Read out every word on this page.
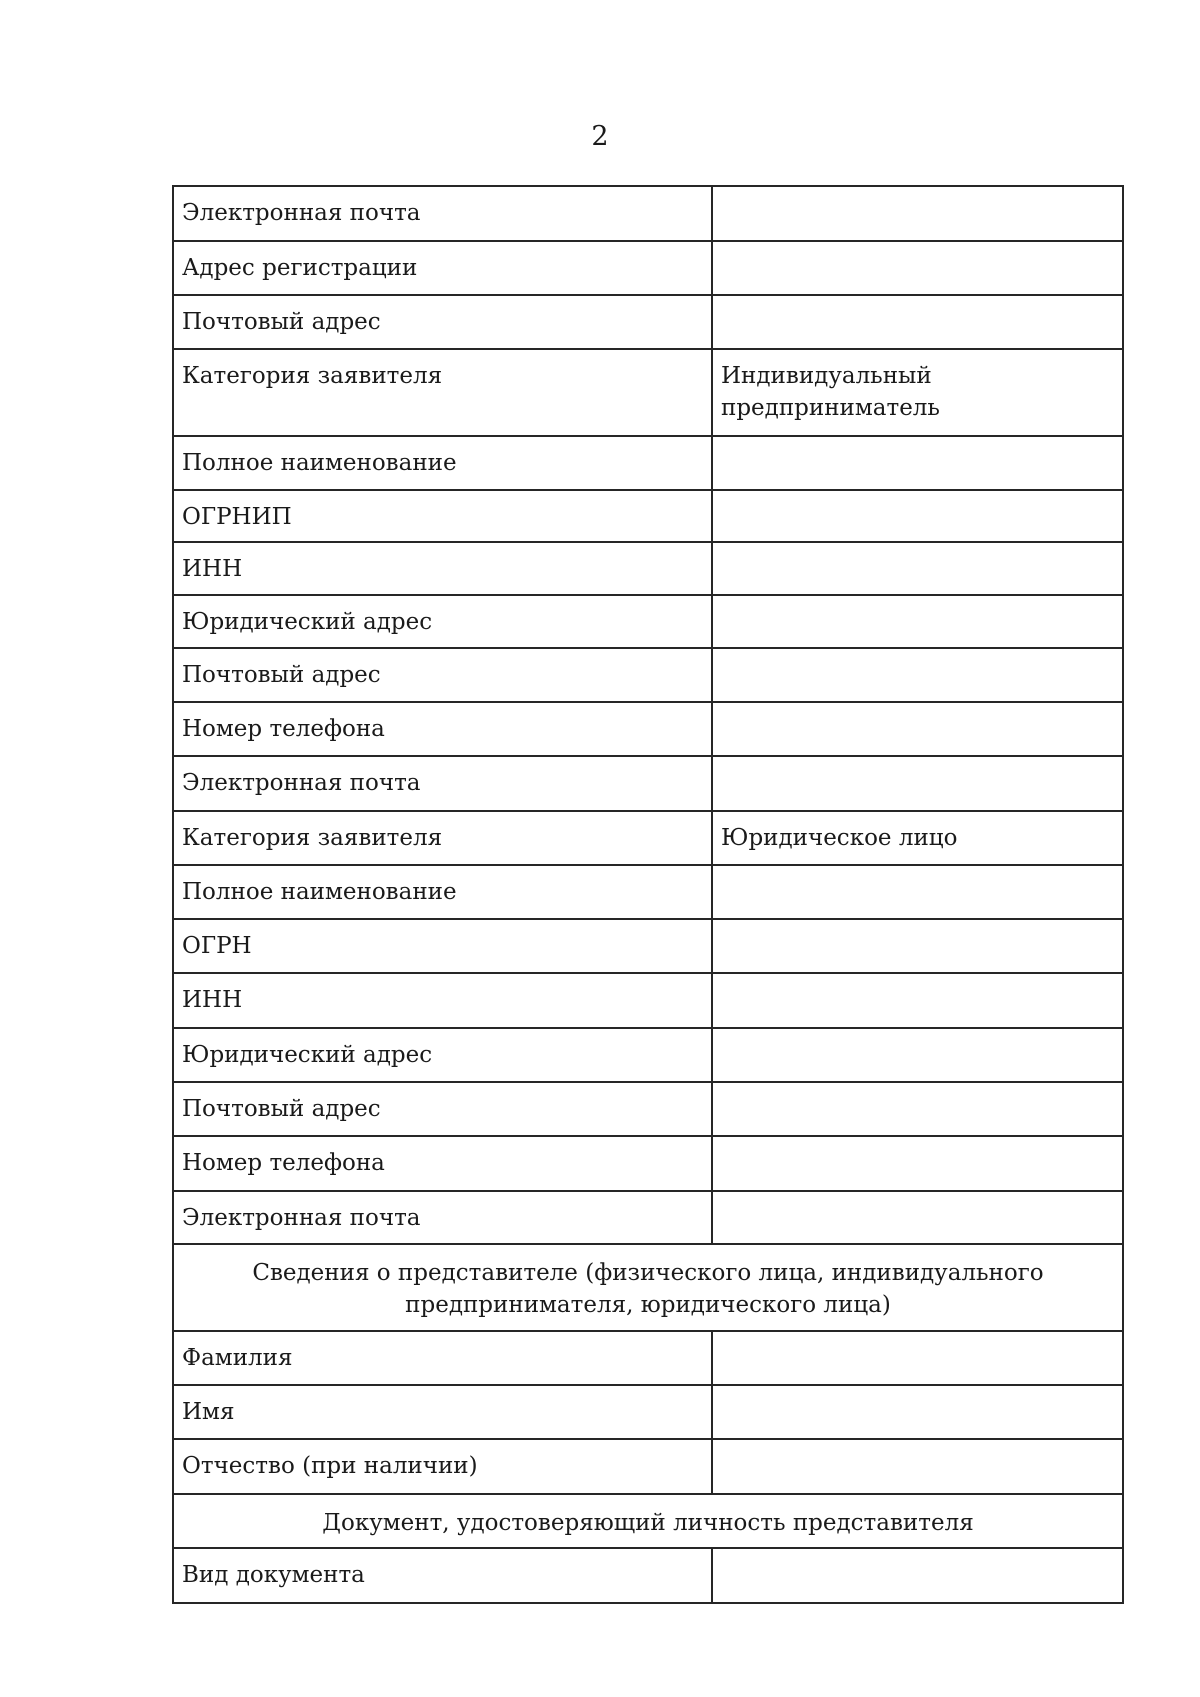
2
Электронная почта	
Адрес регистрации	
Почтовый адрес	
Категория заявителя	Индивидуальный предприниматель
Полное наименование	
ОГРНИП	
ИНН	
Юридический адрес	
Почтовый адрес	
Номер телефона	
Электронная почта	
Категория заявителя	Юридическое лицо
Полное наименование	
ОГРН	
ИНН	
Юридический адрес	
Почтовый адрес	
Номер телефона	
Электронная почта	
Сведения о представителе (физического лица, индивидуального предпринимателя, юридического лица)	
Фамилия	
Имя	
Отчество (при наличии)	
Документ, удостоверяющий личность представителя	
Вид документа	
